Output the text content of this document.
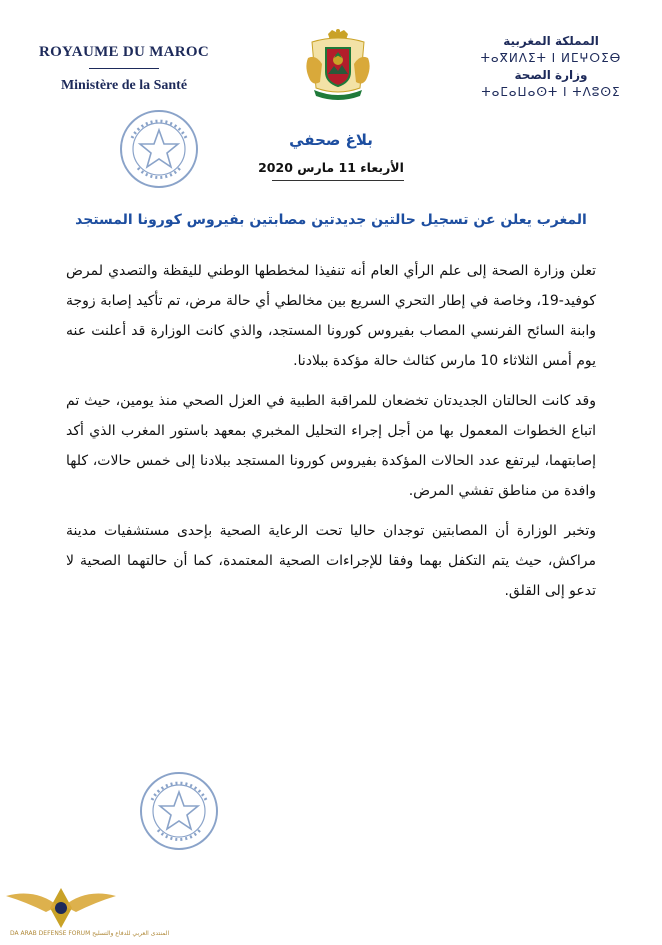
ROYAUME DU MAROC
Ministère de la Santé
المملكة المغربية
ⵜⴰⴳⵍⴷⵉⵜ ⵏ ⵍⵎⵖⵔⵉⴱ
وزارة الصحة
ⵜⴰⵎⴰⵡⴰⵙⵜ ⵏ ⵜⴷⵓⵙⵉ
بلاغ صحفي
الأربعاء 11 مارس 2020
المغرب يعلن عن تسجيل حالتين جديدتين مصابتين بفيروس كورونا المستجد

تعلن وزارة الصحة إلى علم الرأي العام أنه تنفيذا لمخططها الوطني لليقظة والتصدي لمرض كوفيد-19، وخاصة في إطار التحري السريع بين مخالطي أي حالة مرض، تم تأكيد إصابة زوجة وابنة السائح الفرنسي المصاب بفيروس كورونا المستجد، والذي كانت الوزارة قد أعلنت عنه يوم أمس الثلاثاء 10 مارس كثالث حالة مؤكدة ببلادنا.

وقد كانت الحالتان الجديدتان تخضعان للمراقبة الطبية في العزل الصحي منذ يومين، حيث تم اتباع الخطوات المعمول بها من أجل إجراء التحليل المخبري بمعهد باستور المغرب الذي أكد إصابتهما، ليرتفع عدد الحالات المؤكدة بفيروس كورونا المستجد ببلادنا إلى خمس حالات، كلها وافدة من مناطق تفشي المرض.

وتخبر الوزارة أن المصابتين توجدان حاليا تحت الرعاية الصحية بإحدى مستشفيات مدينة مراكش، حيث يتم التكفل بهما وفقا للإجراءات الصحية المعتمدة، كما أن حالتهما الصحية لا تدعو إلى القلق.

DA ARAB DEFENSE FORUM المنتدى العربي للدفاع والتسليح
